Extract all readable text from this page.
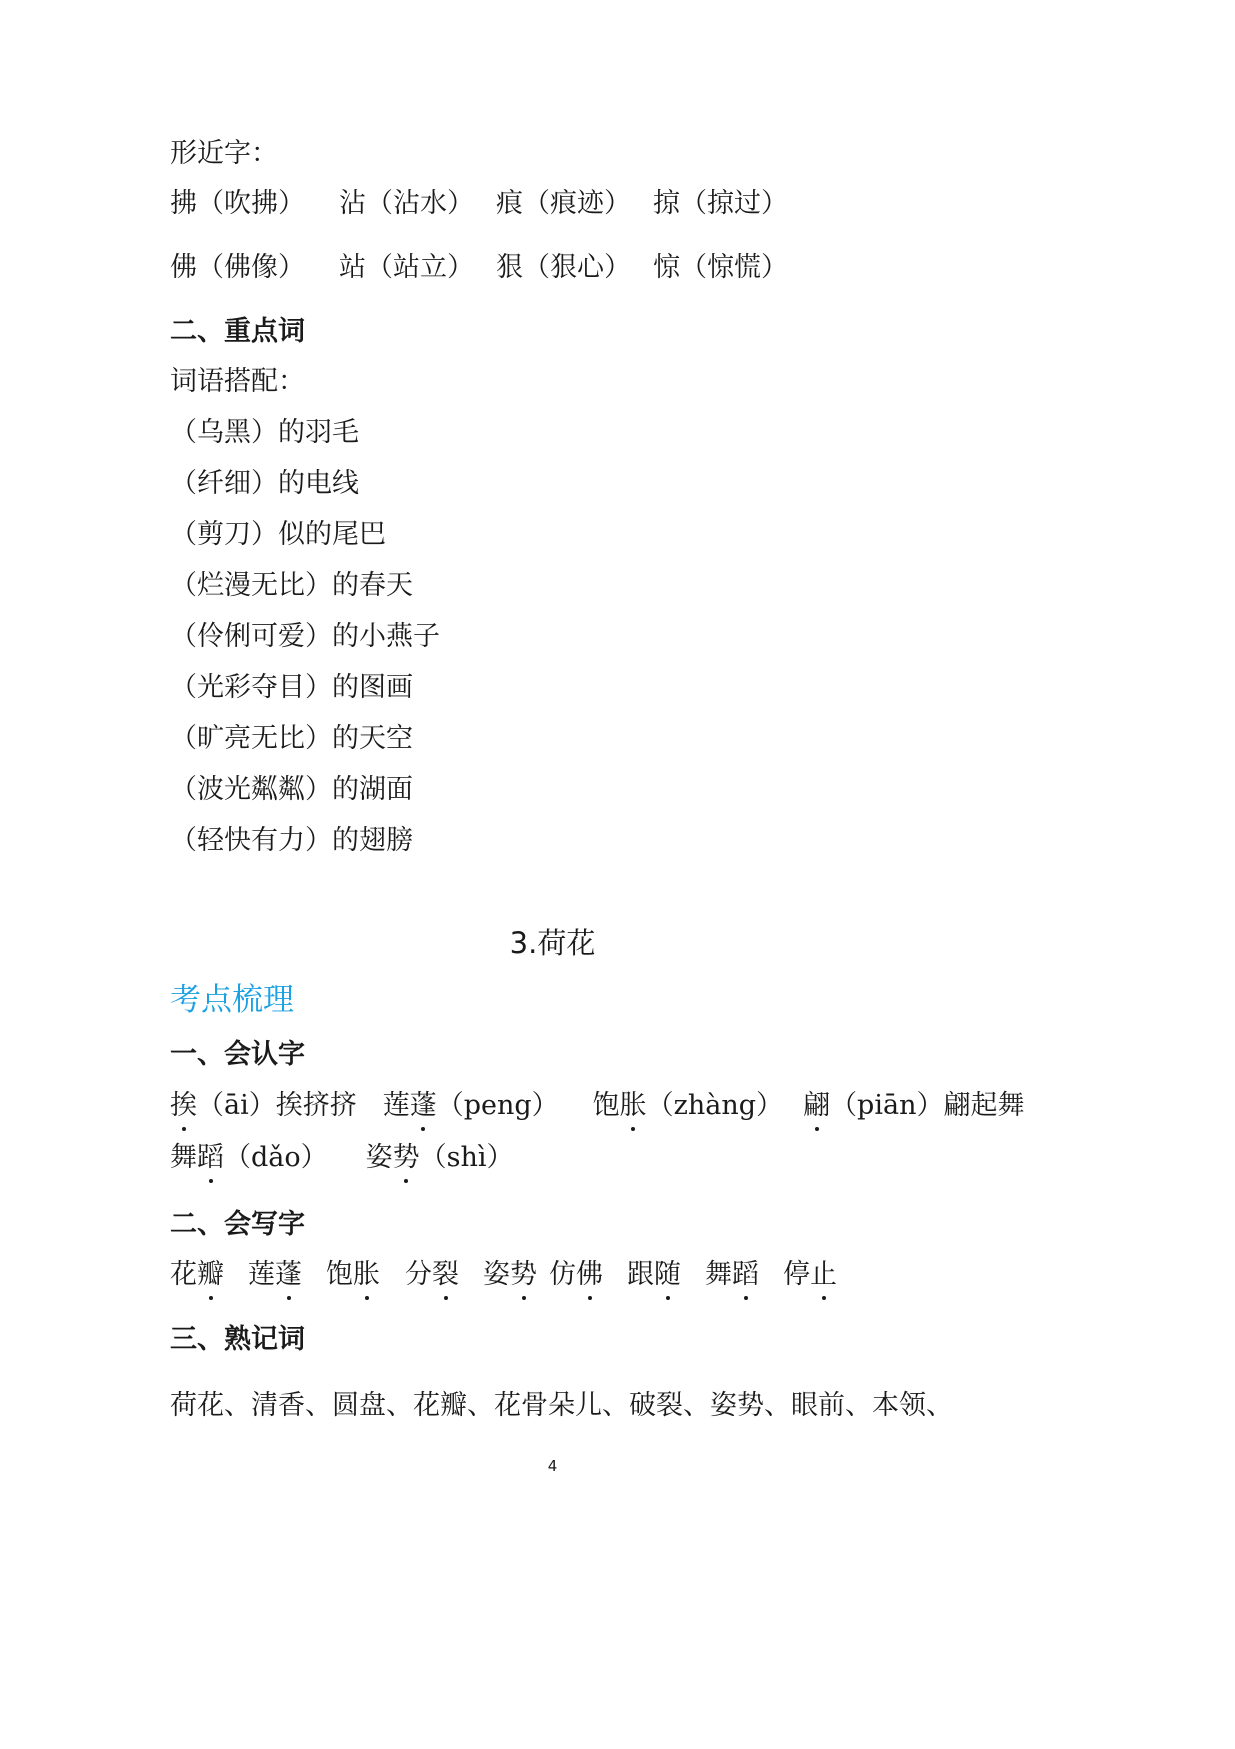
形近字：
拂（吹拂） 沾（沾水） 痕（痕迹） 掠（掠过）
佛（佛像） 站（站立） 狠（狠心） 惊（惊慌）
二、重点词
词语搭配：
（乌黑）的羽毛
（纤细）的电线
（剪刀）似的尾巴
（烂漫无比）的春天
（伶俐可爱）的小燕子
（光彩夺目）的图画
（旷亮无比）的天空
（波光粼粼）的湖面
（轻快有力）的翅膀
3.荷花
考点梳理
一、会认字
挨（āi）挨挤挤 莲蓬（peng） 饱胀（zhàng） 翩（piān）翩起舞
舞蹈（dǎo） 姿势（shì）
二、会写字
花瓣 莲蓬 饱胀 分裂 姿势 仿佛 跟随 舞蹈 停止
三、熟记词
荷花、清香、圆盘、花瓣、花骨朵儿、破裂、姿势、眼前、本领、
4
